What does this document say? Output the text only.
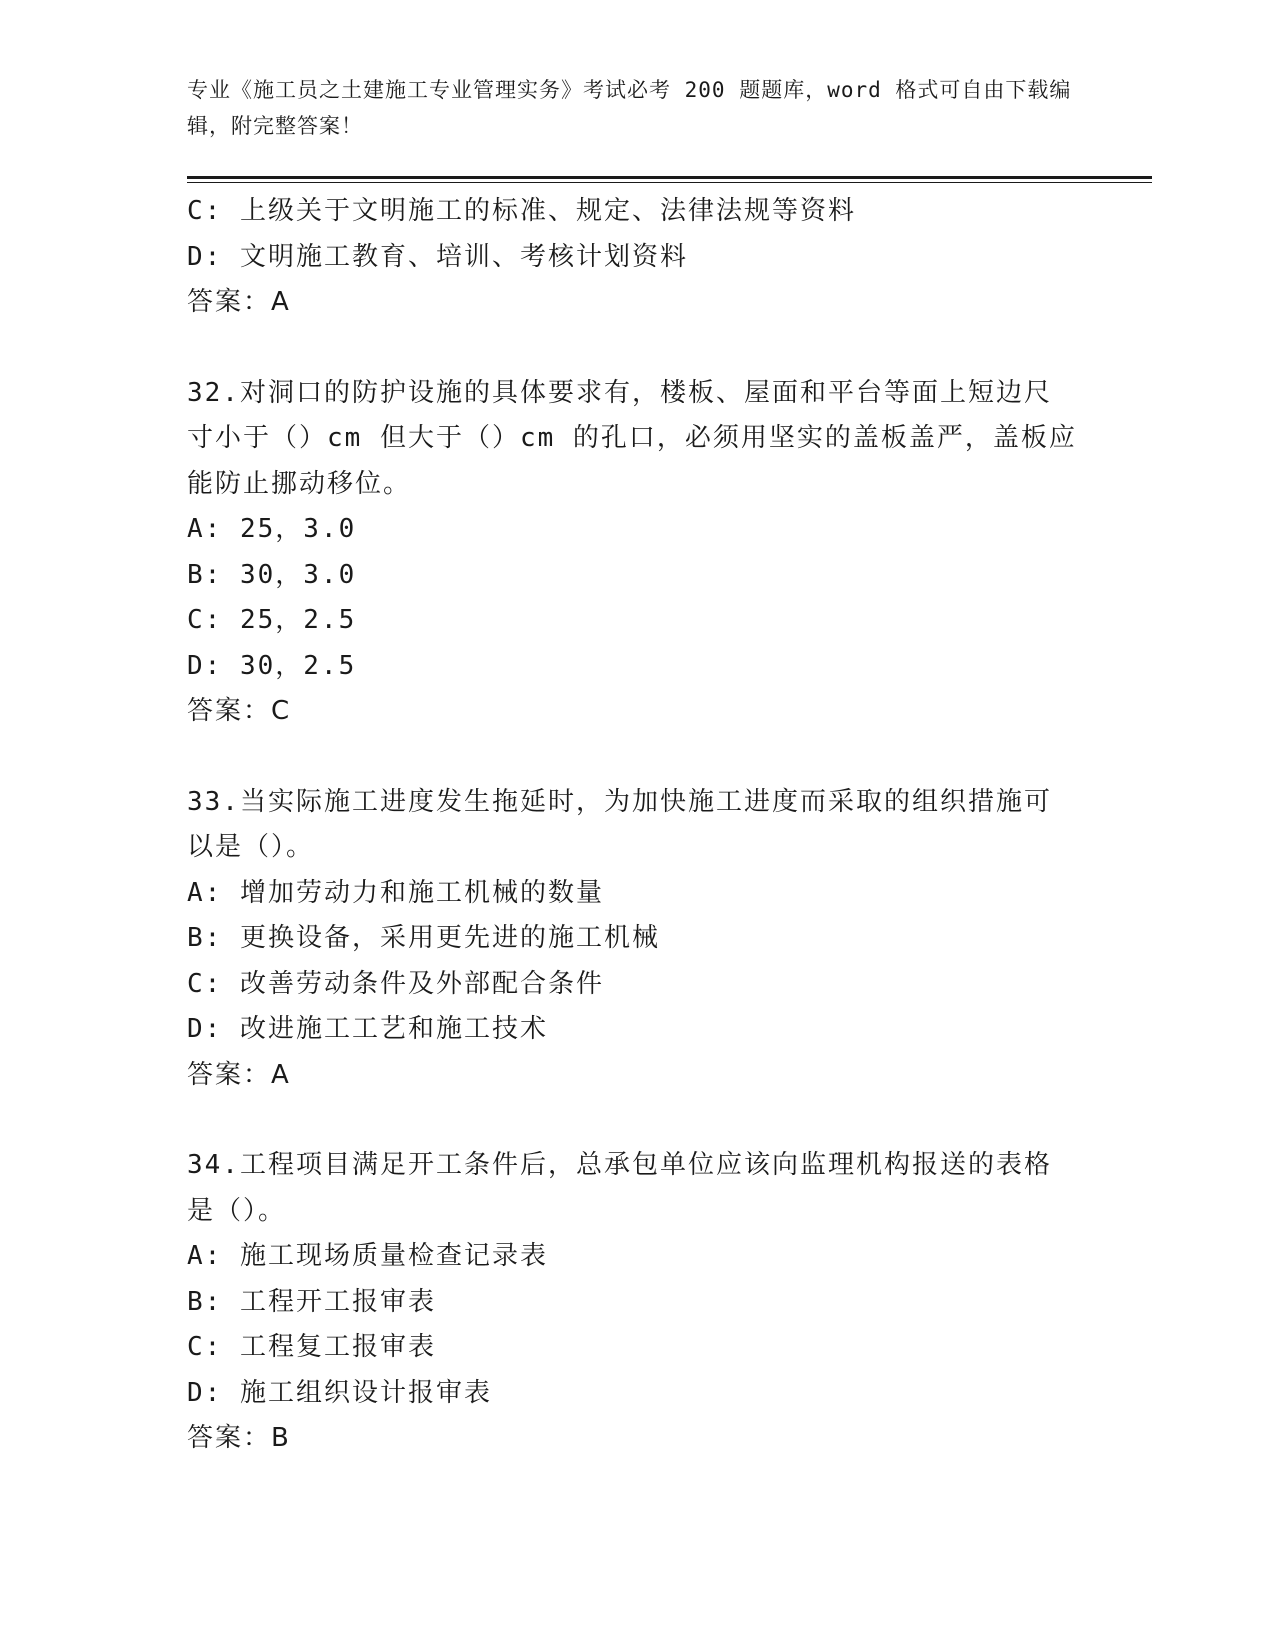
专业《施工员之土建施工专业管理实务》考试必考 200 题题库，word 格式可自由下载编辑，附完整答案！
C: 上级关于文明施工的标准、规定、法律法规等资料
D: 文明施工教育、培训、考核计划资料
答案：A
32.对洞口的防护设施的具体要求有，楼板、屋面和平台等面上短边尺寸小于（）cm 但大于（）cm 的孔口，必须用坚实的盖板盖严，盖板应能防止挪动移位。
A: 25，3.0
B: 30，3.0
C: 25，2.5
D: 30，2.5
答案：C
33.当实际施工进度发生拖延时，为加快施工进度而采取的组织措施可以是（）。
A: 增加劳动力和施工机械的数量
B: 更换设备，采用更先进的施工机械
C: 改善劳动条件及外部配合条件
D: 改进施工工艺和施工技术
答案：A
34.工程项目满足开工条件后，总承包单位应该向监理机构报送的表格是（）。
A: 施工现场质量检查记录表
B: 工程开工报审表
C: 工程复工报审表
D: 施工组织设计报审表
答案：B
